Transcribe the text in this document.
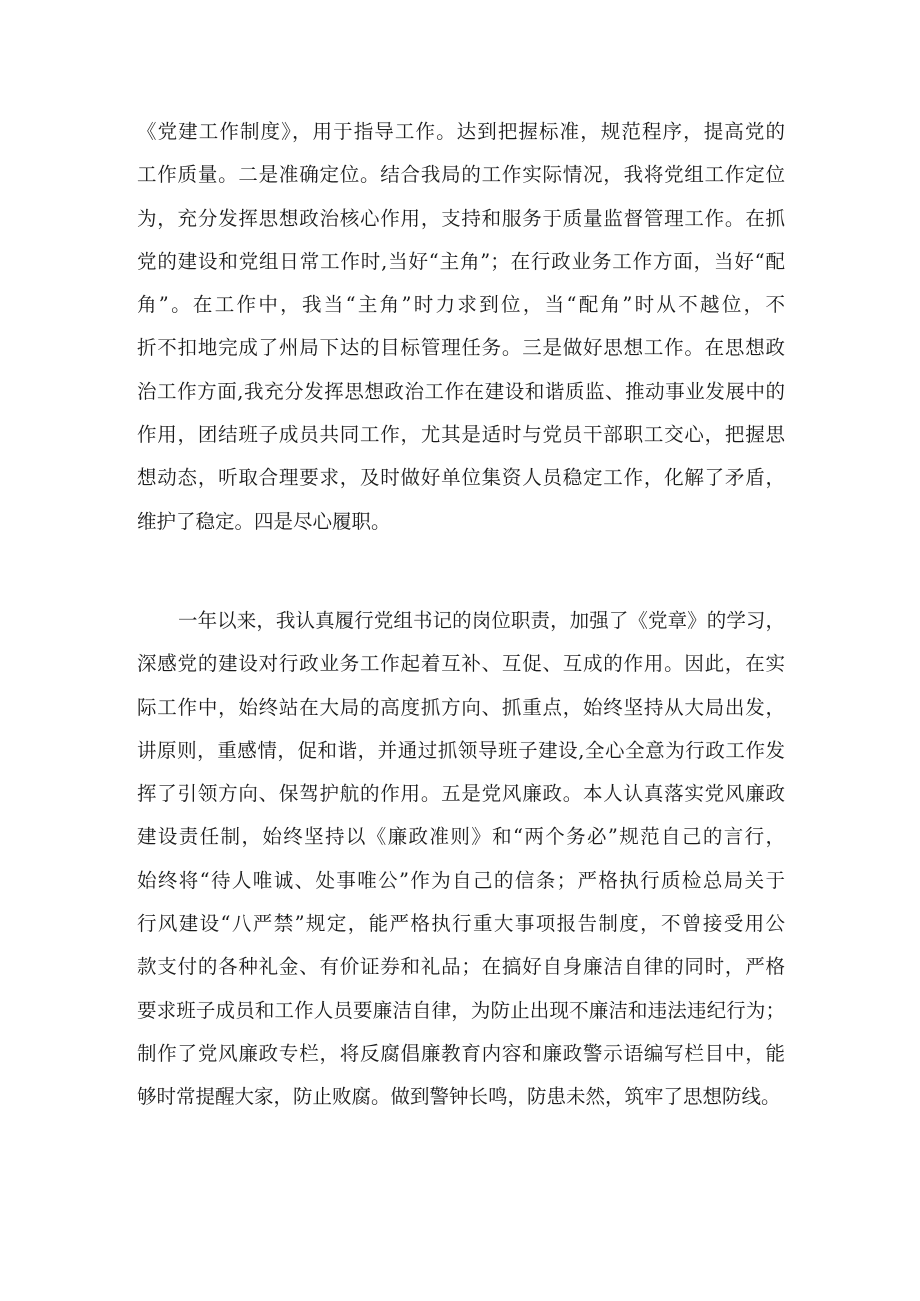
《党建工作制度》，用于指导工作。达到把握标准，规范程序，提高党的
工作质量。二是准确定位。结合我局的工作实际情况，我将党组工作定位
为，充分发挥思想政治核心作用，支持和服务于质量监督管理工作。在抓
党的建设和党组日常工作时,当好“主角”；在行政业务工作方面，当好“配
角”。在工作中，我当“主角”时力求到位，当“配角”时从不越位，不
折不扣地完成了州局下达的目标管理任务。三是做好思想工作。在思想政
治工作方面,我充分发挥思想政治工作在建设和谐质监、推动事业发展中的
作用，团结班子成员共同工作，尤其是适时与党员干部职工交心，把握思
想动态，听取合理要求，及时做好单位集资人员稳定工作，化解了矛盾，
维护了稳定。四是尽心履职。
一年以来，我认真履行党组书记的岗位职责，加强了《党章》的学习，
深感党的建设对行政业务工作起着互补、互促、互成的作用。因此，在实
际工作中，始终站在大局的高度抓方向、抓重点，始终坚持从大局出发，
讲原则，重感情，促和谐，并通过抓领导班子建设,全心全意为行政工作发
挥了引领方向、保驾护航的作用。五是党风廉政。本人认真落实党风廉政
建设责任制，始终坚持以《廉政准则》和“两个务必”规范自己的言行，
始终将“待人唯诚、处事唯公”作为自己的信条；严格执行质检总局关于
行风建设“八严禁”规定，能严格执行重大事项报告制度，不曾接受用公
款支付的各种礼金、有价证券和礼品；在搞好自身廉洁自律的同时，严格
要求班子成员和工作人员要廉洁自律，为防止出现不廉洁和违法违纪行为；
制作了党风廉政专栏，将反腐倡廉教育内容和廉政警示语编写栏目中，能
够时常提醒大家，防止败腐。做到警钟长鸣，防患未然，筑牢了思想防线。
